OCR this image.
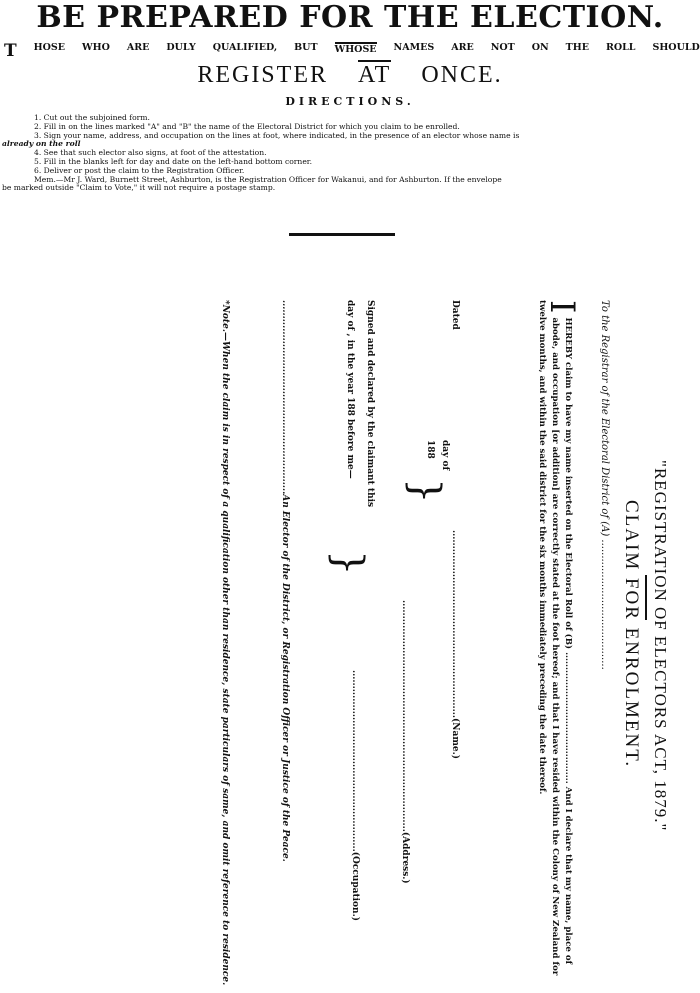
BE PREPARED FOR THE ELECTION.
T HOSE WHO ARE DULY QUALIFIED, BUT WHOSE NAMES ARE NOT ON THE ROLL SHOULD
REGISTER AT ONCE.
DIRECTIONS.
1. Cut out the subjoined form.
2. Fill in on the lines marked "A" and "B" the name of the Electoral District for which you claim to be enrolled.
3. Sign your name, address, and occupation on the lines at foot, where indicated, in the presence of an elector whose name is
already on the roll
4. See that such elector also signs, at foot of the attestation.
5. Fill in the blanks left for day and date on the left-hand bottom corner.
6. Deliver or post the claim to the Registration Officer.
Mem.—Mr J. Ward, Burnett Street, Ashburton, is the Registration Officer for Wakanui, and for Ashburton. If the envelope
be marked outside "Claim to Vote," it will not require a postage stamp.
"REGISTRATION OF ELECTORS ACT, 1879."
CLAIM FOR ENROLMENT.
To the Registrar of the Electoral District of (A) .........................................
I
HEREBY claim to have my name inserted on the Electoral Roll of (B) ............................................ And I declare that my name, place of abode, and occupation [or addition] are correctly stated at the foot hereof; and that I have resided within the Colony of New Zealand for twelve months, and within the said district for the six months immediately preceding the date thereof.
............................................................(Name.)
Dated
day of
188
}
..........................................................................(Address.)
Signed and declared by the claimant this
day of , in the year 188 before me—
}
..........................................................(Occupation.)
..............................................................An Elector of the District, or Registration Officer or Justice of the Peace.
*Note.—When the claim is in respect of a qualification other than residence, state particulars of same, and omit reference to residence.
